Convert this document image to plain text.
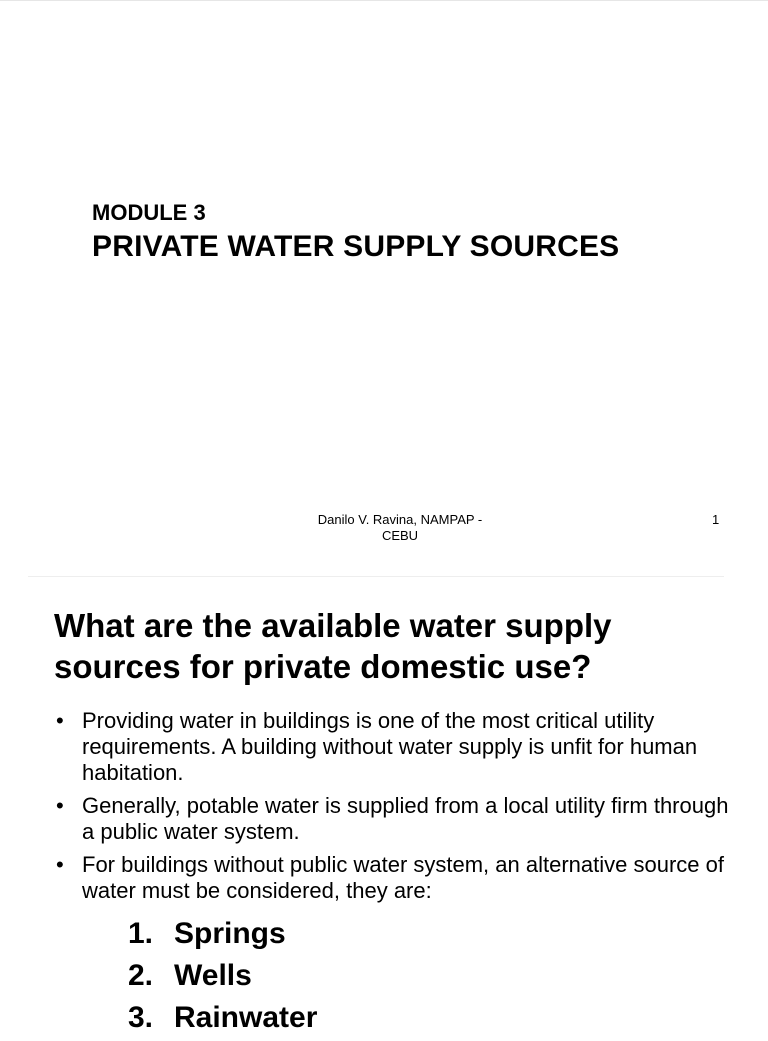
MODULE 3
PRIVATE WATER SUPPLY SOURCES
Danilo V. Ravina, NAMPAP -
CEBU
1
What are the available water supply
sources for private domestic use?
• Providing water in buildings is one of the most critical utility requirements. A building without water supply is unfit for human habitation.
• Generally, potable water is supplied from a local utility firm through a public water system.
• For buildings without public water system, an alternative source of water must be considered, they are:
1. Springs
2. Wells
3. Rainwater
